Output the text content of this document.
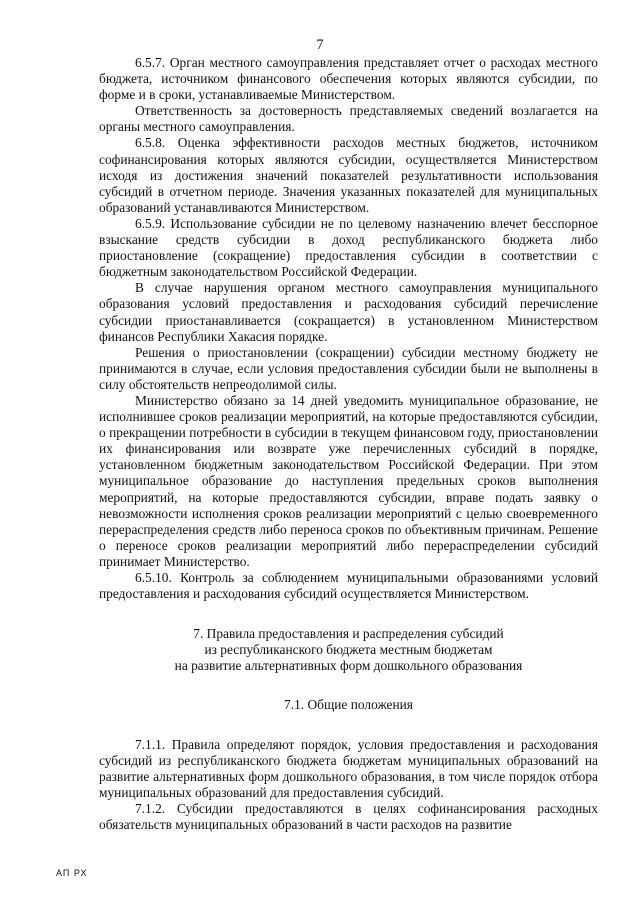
7

6.5.7. Орган местного самоуправления представляет отчет о расходах местного бюджета, источником финансового обеспечения которых являются субсидии, по форме и в сроки, устанавливаемые Министерством.

Ответственность за достоверность представляемых сведений возлагается на органы местного самоуправления.

6.5.8. Оценка эффективности расходов местных бюджетов, источником софинансирования которых являются субсидии, осуществляется Министерством исходя из достижения значений показателей результативности использования субсидий в отчетном периоде. Значения указанных показателей для муниципальных образований устанавливаются Министерством.

6.5.9. Использование субсидии не по целевому назначению влечет бесспорное взыскание средств субсидии в доход республиканского бюджета либо приостановление (сокращение) предоставления субсидии в соответствии с бюджетным законодательством Российской Федерации.

В случае нарушения органом местного самоуправления муниципального образования условий предоставления и расходования субсидий перечисление субсидии приостанавливается (сокращается) в установленном Министерством финансов Республики Хакасия порядке.

Решения о приостановлении (сокращении) субсидии местному бюджету не принимаются в случае, если условия предоставления субсидии были не выполнены в силу обстоятельств непреодолимой силы.

Министерство обязано за 14 дней уведомить муниципальное образование, не исполнившее сроков реализации мероприятий, на которые предоставляются субсидии, о прекращении потребности в субсидии в текущем финансовом году, приостановлении их финансирования или возврате уже перечисленных субсидий в порядке, установленном бюджетным законодательством Российской Федерации. При этом муниципальное образование до наступления предельных сроков выполнения мероприятий, на которые предоставляются субсидии, вправе подать заявку о невозможности исполнения сроков реализации мероприятий с целью своевременного перераспределения средств либо переноса сроков по объективным причинам. Решение о переносе сроков реализации мероприятий либо перераспределении субсидий принимает Министерство.

6.5.10. Контроль за соблюдением муниципальными образованиями условий предоставления и расходования субсидий осуществляется Министерством.

7. Правила предоставления и распределения субсидий

из республиканского бюджета местным бюджетам

на развитие альтернативных форм дошкольного образования

7.1. Общие положения

7.1.1. Правила определяют порядок, условия предоставления и расходования субсидий из республиканского бюджета бюджетам муниципальных образований на развитие альтернативных форм дошкольного образования, в том числе порядок отбора муниципальных образований для предоставления субсидий.

7.1.2. Субсидии предоставляются в целях софинансирования расходных обязательств муниципальных образований в части расходов на развитие

АП РХ
